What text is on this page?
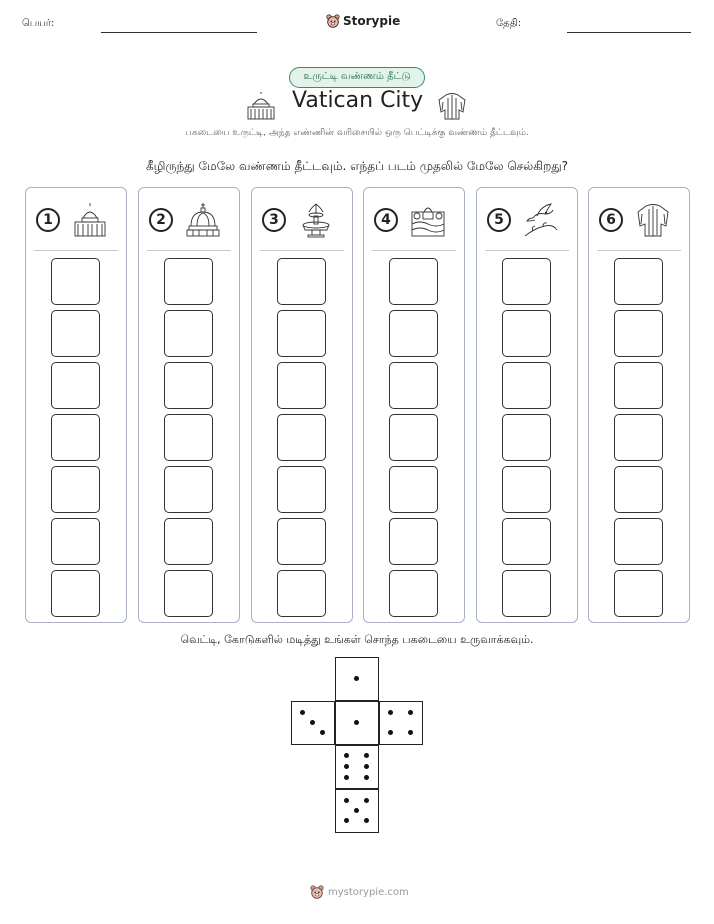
பெயர்:	Storypie	தேதி:
உருட்டி வண்ணம் தீட்டு
Vatican City
பகடையை உருட்டி, அந்த எண்ணின் வரிசையில் ஒரு பெட்டிக்கு வண்ணம் தீட்டவும்.
கீழிருந்து மேலே வண்ணம் தீட்டவும். எந்தப் படம் முதலில் மேலே செல்கிறது?
1	2	3	4	5	6
வெட்டி, கோடுகளில் மடித்து உங்கள் சொந்த பகடையை உருவாக்கவும்.
mystorypie.com
